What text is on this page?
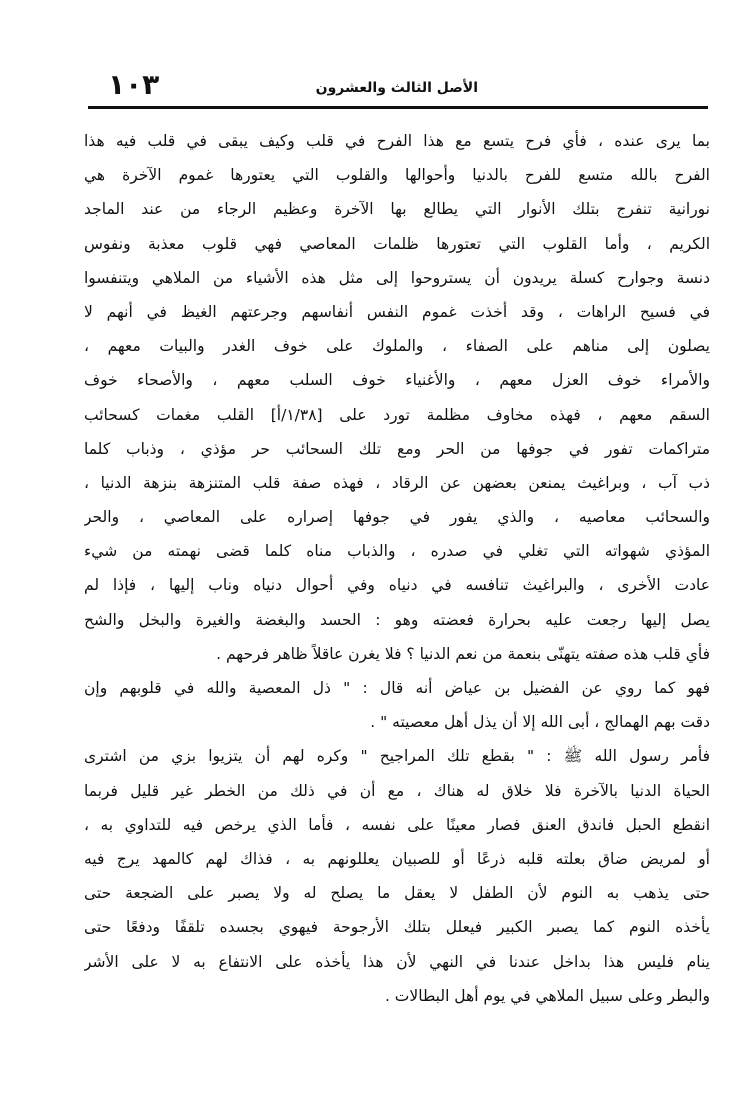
١٠٣	الأصل الثالث والعشرون
بما يرى عنده ، فأي فرح يتسع مع هذا الفرح في قلب وكيف يبقى في قلب فيه هذا
الفرح بالله متسع للفرح بالدنيا وأحوالها والقلوب التي يعتورها غموم الآخرة هي
نورانية تنفرج بتلك الأنوار التي يطالع بها الآخرة وعظيم الرجاء من عند الماجد
الكريم ، وأما القلوب التي تعتورها ظلمات المعاصي فهي قلوب معذبة ونفوس
دنسة وجوارح كسلة يريدون أن يستروحوا إلى مثل هذه الأشياء من الملاهي ويتنفسوا
في فسيح الراهات ، وقد أخذت غموم النفس أنفاسهم وجرعتهم الغيظ في أنهم لا
يصلون إلى مناهم على الصفاء ، والملوك على خوف الغدر والبيات معهم ،
والأمراء خوف العزل معهم ، والأغنياء خوف السلب معهم ، والأصحاء خوف
السقم معهم ، فهذه مخاوف مظلمة تورد على [١/٣٨/أ] القلب مغمات كسحائب
متراكمات تفور في جوفها من الحر ومع تلك السحائب حر مؤذي ، وذباب كلما
ذب آب ، وبراغيث يمنعن بعضهن عن الرقاد ، فهذه صفة قلب المتنزهة بنزهة الدنيا ،
والسحائب معاصيه ، والذي يفور في جوفها إصراره على المعاصي ، والحر
المؤذي شهواته التي تغلي في صدره ، والذباب مناه كلما قضى نهمته من شيء
عادت الأخرى ، والبراغيث تنافسه في دنياه وفي أحوال دنياه وناب إليها ، فإذا لم
يصل إليها رجعت عليه بحرارة فعضته وهو : الحسد والبغضة والغيرة والبخل والشح
فأي قلب هذه صفته يتهنّى بنعمة من نعم الدنيا ؟ فلا يغرن عاقلاً ظاهر فرحهم .
فهو كما روي عن الفضيل بن عياض أنه قال : " ذل المعصية والله في قلوبهم وإن
دقت بهم الهمالج ، أبى الله إلا أن يذل أهل معصيته " .
فأمر رسول الله ﷺ : " بقطع تلك المراجيح " وكره لهم أن يتزيوا بزي من اشترى
الحياة الدنيا بالآخرة فلا خلاق له هناك ، مع أن في ذلك من الخطر غير قليل فربما
انقطع الحبل فاندق العنق فصار معينًا على نفسه ، فأما الذي يرخص فيه للتداوي به ،
أو لمريض ضاق بعلته قلبه ذرعًا أو للصبيان يعللونهم به ، فذاك لهم كالمهد يرج فيه
حتى يذهب به النوم لأن الطفل لا يعقل ما يصلح له ولا يصبر على الضجعة حتى
يأخذه النوم كما يصبر الكبير فيعلل بتلك الأرجوحة فيهوي بجسده تلقفًا ودفعًا حتى
ينام فليس هذا بداخل عندنا في النهي لأن هذا يأخذه على الانتفاع به لا على الأشر
والبطر وعلى سبيل الملاهي في يوم أهل البطالات .
